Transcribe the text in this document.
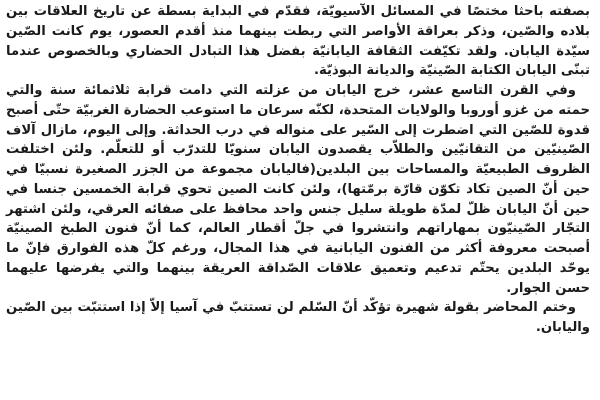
بصفته باحثا مختصًا في المسائل الآسيويّة، فقدّم في البداية بسطة عن تاريخ العلاقات بين بلاده والصّين، وذكر بعراقة الأواصر التي ربطت بينهما منذ أقدم العصور، يوم كانت الصّين سيّدة اليابان. ولقد تكيّفت الثقافة اليابانيّة بفضل هذا التبادل الحضاري وبالخصوص عندما تبنّى اليابان الكتابة الصّينيّة والديانة البوذيّة.

وفي القرن التاسع عشر، خرج اليابان من عزلته التي دامت قرابة ثلاثمائة سنة والتي حمته من غزو أوروبا والولايات المتحدة، لكنّه سرعان ما استوعب الحضارة الغربيّة حتّى أصبح قدوة للصّين التي اضطرت إلى السّير على منواله في درب الحداثة. وإلى اليوم، مازال آلاف الصّينيّين من التقانيّين والطلاّب يقصدون اليابان سنويّا للتدرّب أو للتعلّم. ولئن اختلفت الظروف الطبيعيّة والمساحات بين البلدين(فاليابان مجموعة من الجزر الصغيرة نسبيّا في حين أنّ الصين تكاد تكوّن قارّة برمّتها)، ولئن كانت الصين تحوي قرابة الخمسين جنسا في حين أنّ اليابان ظلّ لمدّة طويلة سليل جنس واحد محافظ على صفائه العرقي، ولئن اشتهر التجّار الصّينيّون بمهاراتهم وانتشروا في جلّ أقطار العالم، كما أنّ فنون الطبخ الصينيّة أصبحت معروفة أكثر من الفنون اليابانية في هذا المجال، ورغم كلّ هذه الفوارق فإنّ ما يوحّد البلدين يحتّم تدعيم وتعميق علاقات الصّداقة العريقة بينهما والتي يفرضها عليهما حسن الجوار.

وختم المحاضر بقولة شهيرة تؤكّد أنّ السّلم لن تستتبّ في آسيا إلاّ إذا استتبّت بين الصّين واليابان.
